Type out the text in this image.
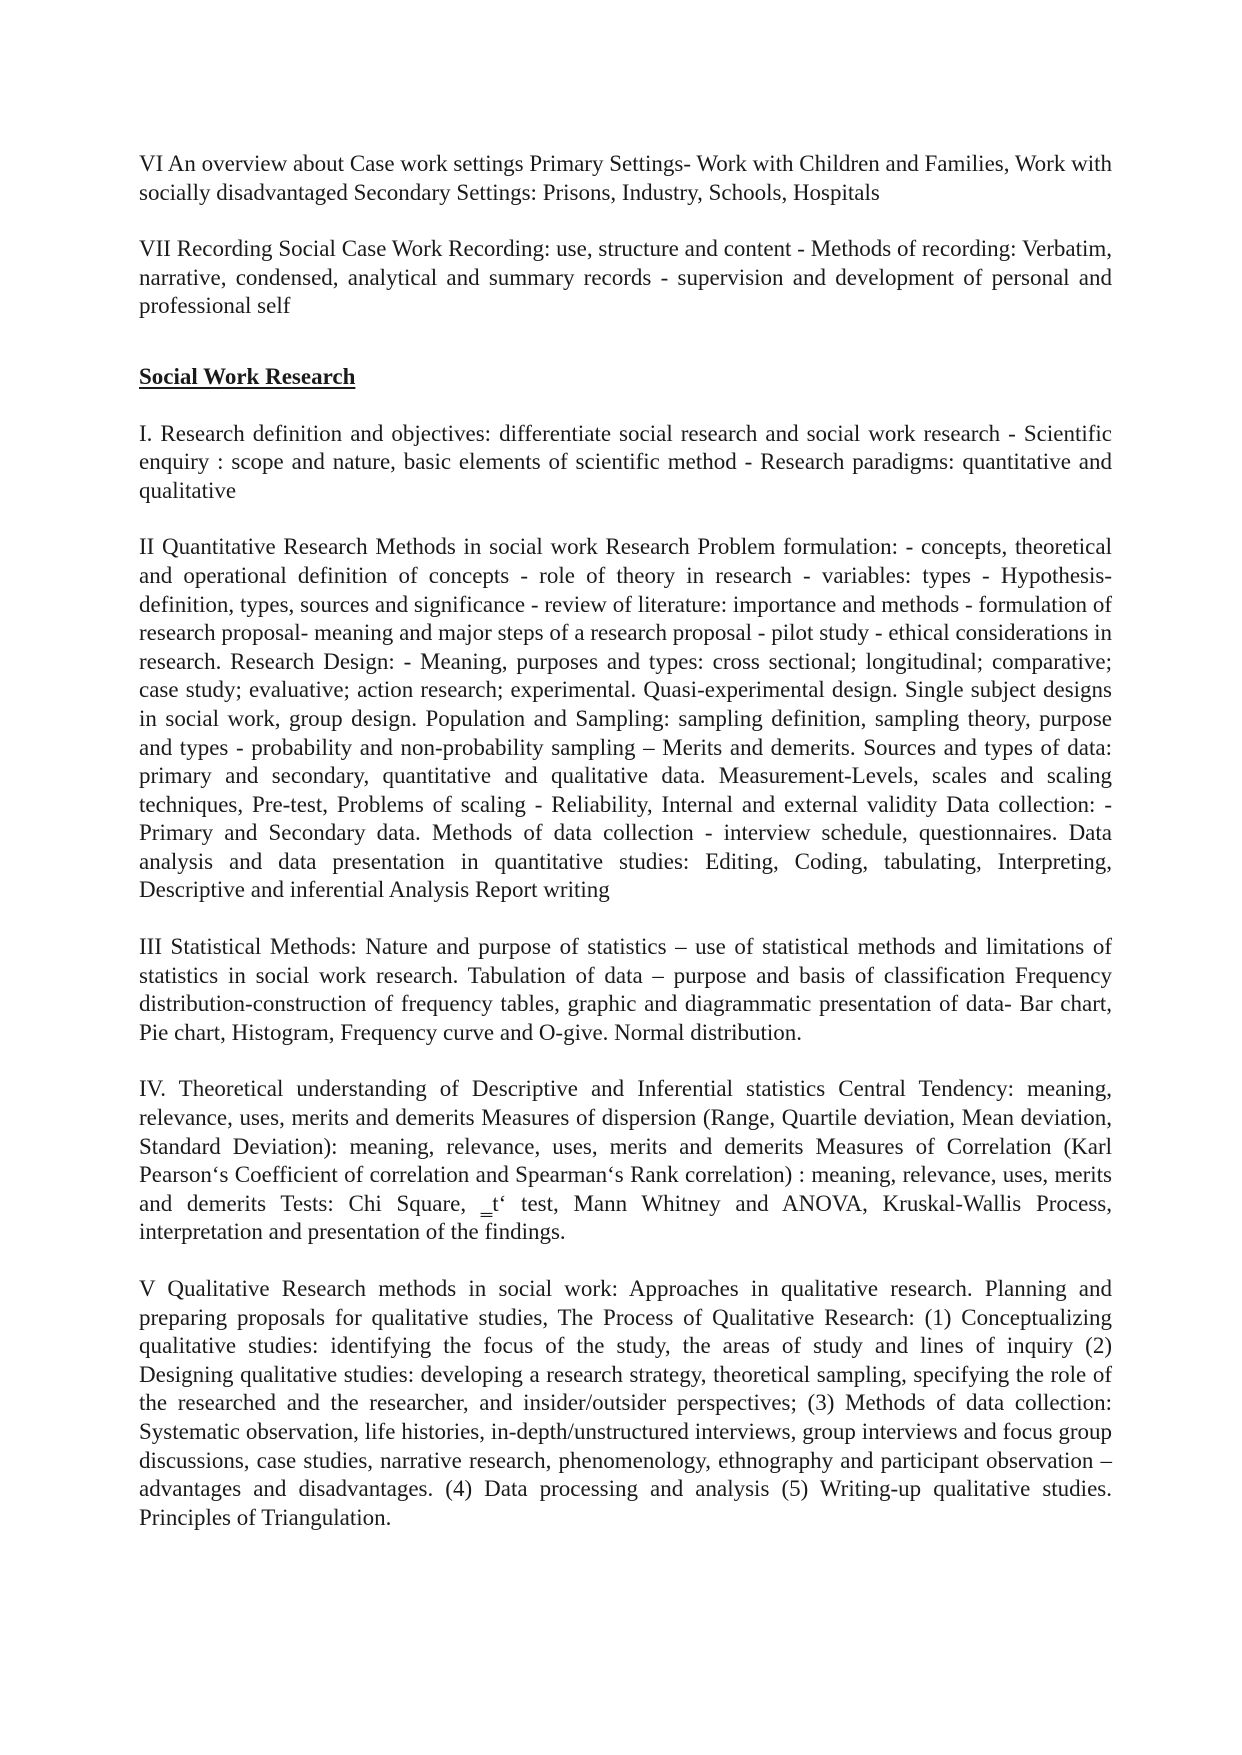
VI An overview about Case work settings Primary Settings- Work with Children and Families, Work with socially disadvantaged Secondary Settings: Prisons, Industry, Schools, Hospitals

VII Recording Social Case Work Recording: use, structure and content - Methods of recording: Verbatim, narrative, condensed, analytical and summary records - supervision and development of personal and professional self

Social Work Research

I. Research definition and objectives: differentiate social research and social work research - Scientific enquiry : scope and nature, basic elements of scientific method - Research paradigms: quantitative and qualitative

II Quantitative Research Methods in social work Research Problem formulation: - concepts, theoretical and operational definition of concepts - role of theory in research - variables: types - Hypothesis- definition, types, sources and significance - review of literature: importance and methods - formulation of research proposal- meaning and major steps of a research proposal - pilot study - ethical considerations in research. Research Design: - Meaning, purposes and types: cross sectional; longitudinal; comparative; case study; evaluative; action research; experimental. Quasi-experimental design. Single subject designs in social work, group design. Population and Sampling: sampling definition, sampling theory, purpose and types - probability and non-probability sampling – Merits and demerits. Sources and types of data: primary and secondary, quantitative and qualitative data. Measurement-Levels, scales and scaling techniques, Pre-test, Problems of scaling - Reliability, Internal and external validity Data collection: - Primary and Secondary data. Methods of data collection - interview schedule, questionnaires. Data analysis and data presentation in quantitative studies: Editing, Coding, tabulating, Interpreting, Descriptive and inferential Analysis Report writing

III Statistical Methods: Nature and purpose of statistics – use of statistical methods and limitations of statistics in social work research. Tabulation of data – purpose and basis of classification Frequency distribution-construction of frequency tables, graphic and diagrammatic presentation of data- Bar chart, Pie chart, Histogram, Frequency curve and O-give. Normal distribution.

IV. Theoretical understanding of Descriptive and Inferential statistics Central Tendency: meaning, relevance, uses, merits and demerits Measures of dispersion (Range, Quartile deviation, Mean deviation, Standard Deviation): meaning, relevance, uses, merits and demerits Measures of Correlation (Karl Pearson‘s Coefficient of correlation and Spearman‘s Rank correlation) : meaning, relevance, uses, merits and demerits Tests: Chi Square, ‗t‘ test, Mann Whitney and ANOVA, Kruskal-Wallis Process, interpretation and presentation of the findings.

V Qualitative Research methods in social work: Approaches in qualitative research. Planning and preparing proposals for qualitative studies, The Process of Qualitative Research: (1) Conceptualizing qualitative studies: identifying the focus of the study, the areas of study and lines of inquiry (2) Designing qualitative studies: developing a research strategy, theoretical sampling, specifying the role of the researched and the researcher, and insider/outsider perspectives; (3) Methods of data collection: Systematic observation, life histories, in-depth/unstructured interviews, group interviews and focus group discussions, case studies, narrative research, phenomenology, ethnography and participant observation – advantages and disadvantages. (4) Data processing and analysis (5) Writing-up qualitative studies. Principles of Triangulation.
